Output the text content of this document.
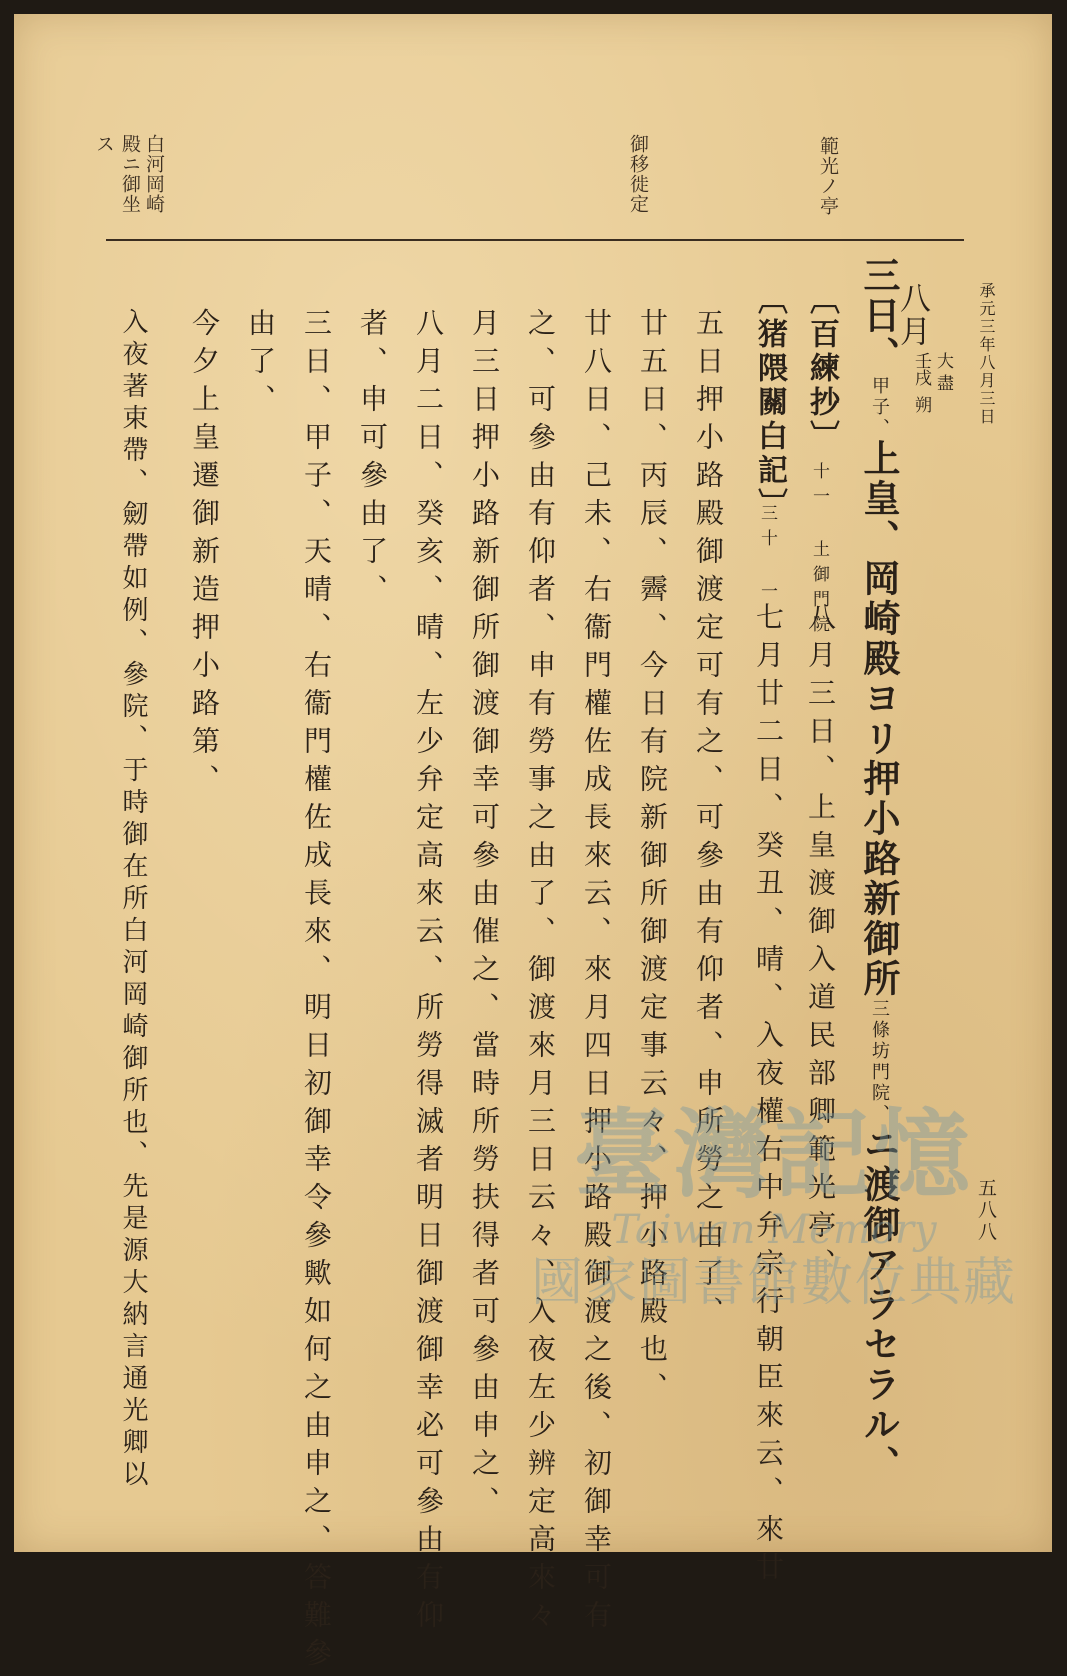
範光ノ亭
御移徙定
白河岡崎
殿ニ御坐
ス
承元三年八月三日
五八八
八月
大
盡
壬戌
朔
三日、甲子、上皇、岡崎殿ヨリ押小路新御所三條坊門院、ニ渡御アラセラル、
〔百練抄〕
十一 土御門院
八月三日、上皇渡御入道民部卿範光亭、
〔猪隈關白記〕
三十 一
七月廿二日、癸丑、晴、入夜權右中弁宗行朝臣來云、來廿
五日押小路殿御渡定可有之、可參由有仰者、申所勞之由了、
廿五日、丙辰、霽、今日有院新御所御渡定事云々、押小路殿也、
廿八日、己未、右衞門權佐成長來云、來月四日押小路殿御渡之後、初御幸可有
之、可參由有仰者、申有勞事之由了、御渡來月三日云々、入夜左少辨定高來々
月三日押小路新御所御渡御幸可參由催之、當時所勞扶得者可參由申之、
八月二日、癸亥、晴、左少弁定高來云、所勞得滅者明日御渡御幸必可參由有仰
者、申可參由了、
三日、甲子、天晴、右衞門權佐成長來、明日初御幸令參歟如何之由申之、答難參
由了、
今夕上皇遷御新造押小路第、
入夜著束帶、劒帶如例、參院、于時御在所白河岡崎御所也、先是源大納言通光卿以	臺灣記憶
Taiwan Memory
國家圖書館數位典藏
